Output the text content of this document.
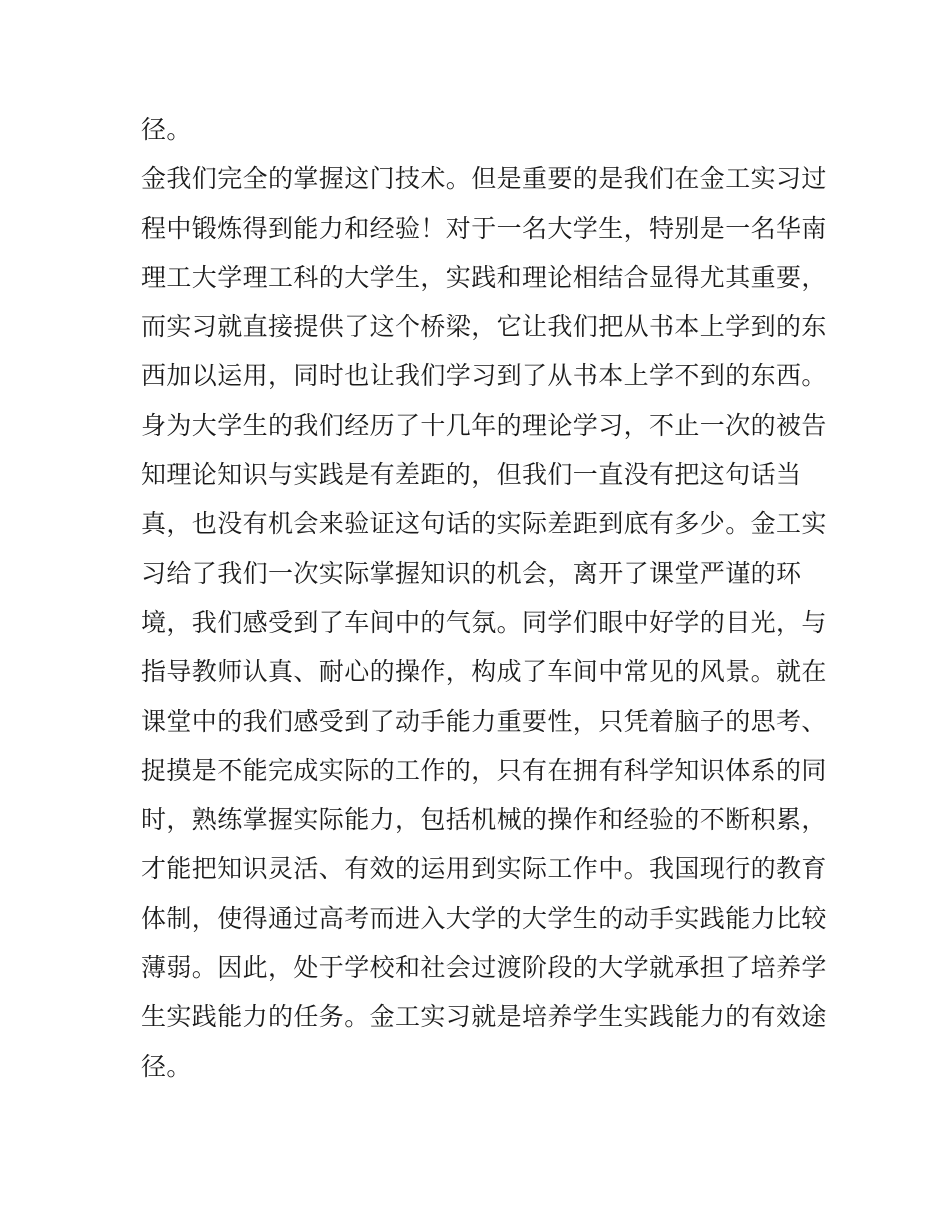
径。
金我们完全的掌握这门技术。但是重要的是我们在金工实习过
程中锻炼得到能力和经验！对于一名大学生，特别是一名华南
理工大学理工科的大学生，实践和理论相结合显得尤其重要，
而实习就直接提供了这个桥梁，它让我们把从书本上学到的东
西加以运用，同时也让我们学习到了从书本上学不到的东西。
身为大学生的我们经历了十几年的理论学习，不止一次的被告
知理论知识与实践是有差距的，但我们一直没有把这句话当
真，也没有机会来验证这句话的实际差距到底有多少。金工实
习给了我们一次实际掌握知识的机会，离开了课堂严谨的环
境，我们感受到了车间中的气氛。同学们眼中好学的目光，与
指导教师认真、耐心的操作，构成了车间中常见的风景。就在
课堂中的我们感受到了动手能力重要性，只凭着脑子的思考、
捉摸是不能完成实际的工作的，只有在拥有科学知识体系的同
时，熟练掌握实际能力，包括机械的操作和经验的不断积累，
才能把知识灵活、有效的运用到实际工作中。我国现行的教育
体制，使得通过高考而进入大学的大学生的动手实践能力比较
薄弱。因此，处于学校和社会过渡阶段的大学就承担了培养学
生实践能力的任务。金工实习就是培养学生实践能力的有效途
径。
